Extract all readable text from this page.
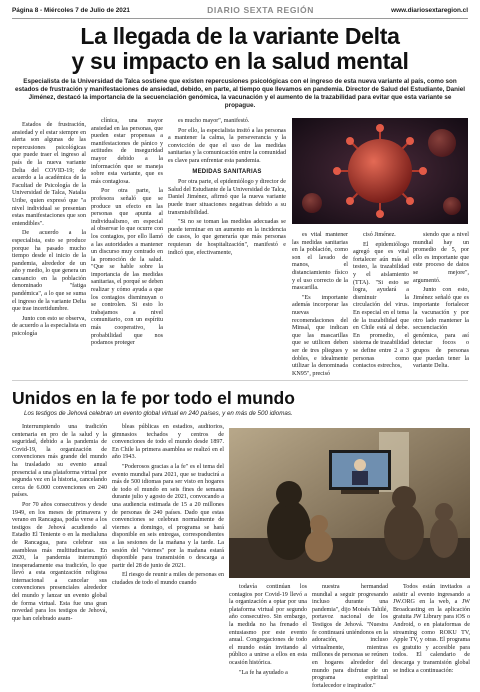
Página 8 - Miércoles 7 de Julio de 2021	DIARIO SEXTA REGIÓN	www.diariosextaregion.cl
La llegada de la variante Delta
y su impacto en la salud mental
Especialista de la Universidad de Talca sostiene que existen repercusiones psicológicas con el ingreso de esta nueva variante al país, como son estados de frustración y manifestaciones de ansiedad, debido, en parte, al tiempo que llevamos en pandemia. Director de Salud del Estudiante, Daniel Jiménez, destacó la importancia de la secuenciación genómica, la vacunación y el aumento de la trazabilidad para evitar que esta variante se propague.

Estados de frustración, ansiedad y el estar siempre en alerta son algunas de las repercusiones psicológicas que puede traer el ingreso al país de la nueva variante Delta del COVID-19; de acuerdo a la académica de la Facultad de Psicología de la Universidad de Talca, Natalia Uribe, quien expresó que "a nivel individual se presentan estas manifestaciones que son entendibles".

De acuerdo a la especialista, esto se produce porque ha pasado mucho tiempo desde el inicio de la pandemia, alrededor de un año y medio, lo que genera un cansancio en la población denominado "fatiga pandémica", a lo que se suma el ingreso de la variante Delta que trae incertidumbre.

Junto con esto se observa, de acuerdo a la especialista en psicología

clínica, una mayor ansiedad en las personas, que pueden estar propensas a manifestaciones de pánico y actitudes de inseguridad mayor debido a la información que se maneja sobre esta variante, que es más contagiosa.

Por otra parte, la profesora señaló que se produce un efecto en las personas que apunta al individualismo, en especial al observar lo que ocurre con los contagios, por ello llamó a las autoridades a mantener un discurso muy centrado en la promoción de la salud. "Que se hable sobre la importancia de las medidas sanitarias, el porqué se deben realizar y cómo ayuda a que los contagios disminuyan o se controlen. Si esto lo trabajamos a nivel comunitario, con un espíritu más cooperativo, la probabilidad que nos podamos proteger

es mucho mayor", manifestó.

Por ello, la especialista insitó a las personas a mantener la calma, la perseverancia y la convicción de que el uso de las medidas sanitarias y la comunicación entre la comunidad es clave para enfrentar esta pandemia.

MEDIDAS SANITARIAS

Por otra parte, el epidemiólogo y director de Salud del Estudiante de la Universidad de Talca, Daniel Jiménez, afirmó que la nueva variante puede traer situaciones negativas debido a su transmisibilidad.

"Si no se toman las medidas adecuadas se puede terminar en un aumento en la incidencia de casos, lo que generaría que más personas requieran de hospitalización", manifestó e indicó que, efectivamente,

es vital mantener las medidas sanitarias en la población, como son el lavado de manos, el distanciamiento físico y el uso correcto de la mascarilla.

"Es importante además incorporar las nuevas recomendaciones del Minsal, que indican que las mascarillas que se utilicen deben ser de tres pliegues y dobles, e idealmente utilizar la denominada KN95", precisó

cisó Jiménez.

El epidemiólogo agregó que es vital fortalecer aún más el testeo, la trazabilidad y el aislamiento (TTA). "Si esto se logra, ayudará a disminuir la circulación del virus. En especial en el tema de la trazabilidad que en Chile está al debe. En promedio, el sistema de trazabilidad se define entre 2 a 3 personas como contactos estrechos,

siendo que a nivel mundial hay un promedio de 5, por ello es importante que este proceso de datos se mejore", argumentó.

Junto con esto, Jiménez señaló que es importante fortalecer la vacunación y por otro lado mantener la secuenciación genómica, para así detectar focos o grupos de personas que puedan tener la variante Delta.

Unidos en la fe por todo el mundo
Los testigos de Jehová celebran un evento global virtual en 240 países, y en más de 500 idiomas.

Interrumpiendo una tradición centenaria en pro de la salud y la seguridad, debido a la pandemia de Covid-19, la organización de convenciones más grande del mundo ha trasladado su evento anual presencial a una plataforma virtual por segunda vez en la historia, cancelando cerca de 6.000 convenciones en 240 países.

Por 70 años consecutivos y desde 1949, en los meses de primavera y verano en Rancagua, podía verse a los testigos de Jehová acudiendo al Estadio El Teniente o en la medialuna de Rancagua, para celebrar sus asambleas más multitudinarias. En 2020, la pandemia interrumpió inesperadamente esa tradición, lo que llevó a esta organización religiosa internacional a cancelar sus convenciones presenciales alrededor del mundo y lanzar un evento global de forma virtual. Esta fue una gran novedad para los testigos de Jehová, que han celebrado asam-

bleas públicas en estadios, auditorios, gimnasios techados y centros de convenciones de todo el mundo desde 1897. En Chile la primera asamblea se realizó en el año 1943.

"Poderosos gracias a la fe" es el tema del evento mundial para 2021, que se traducirá a más de 500 idiomas para ser visto en hogares de todo el mundo en seis fines de semana durante julio y agosto de 2021, convocando a una audiencia estimada de 15 a 20 millones de personas de 240 países. Dado que estas convenciones se celebran normalmente de viernes a domingo, el programa se hará disponible en seis entregas, correspondientes a las sesiones de la mañana y la tarde. La sesión del "viernes" por la mañana estará disponible para transmisión o descarga a partir del 28 de junio de 2021.

El riesgo de reunir a miles de personas en ciudades de todo el mundo cuando

todavía continúan los contagios por Covid-19 llevó a la organización a optar por una plataforma virtual por segundo año consecutivo. Sin embargo, la medida no ha frenado el entusiasmo por este evento anual. Congregaciones de todo el mundo están invitando al público a unirse a ellos en esta ocasión histórica.

"La fe ha ayudado a

nuestra hermandad mundial a seguir progresando incluso durante una pandemia", dijo Moisés Tahilé, portavoz nacional de los Testigos de Jehová. "Nuestra fe continuará uniéndonos en la adoración, incluso virtualmente, mientras millones de personas se reúnen en hogares alrededor del mundo para disfrutar de un programa espiritual fortalecedor e inspirador."

Todos están invitados a asistir al evento ingresando a JW.ORG en la web, a JW Broadcasting en la aplicación gratuita JW Library para iOS o Android, o en plataformas de streaming como ROKU TV, Apple TV, y otras. El programa es gratuito y accesible para todos. El calendario de descarga y transmisión global se indica a continuación:
